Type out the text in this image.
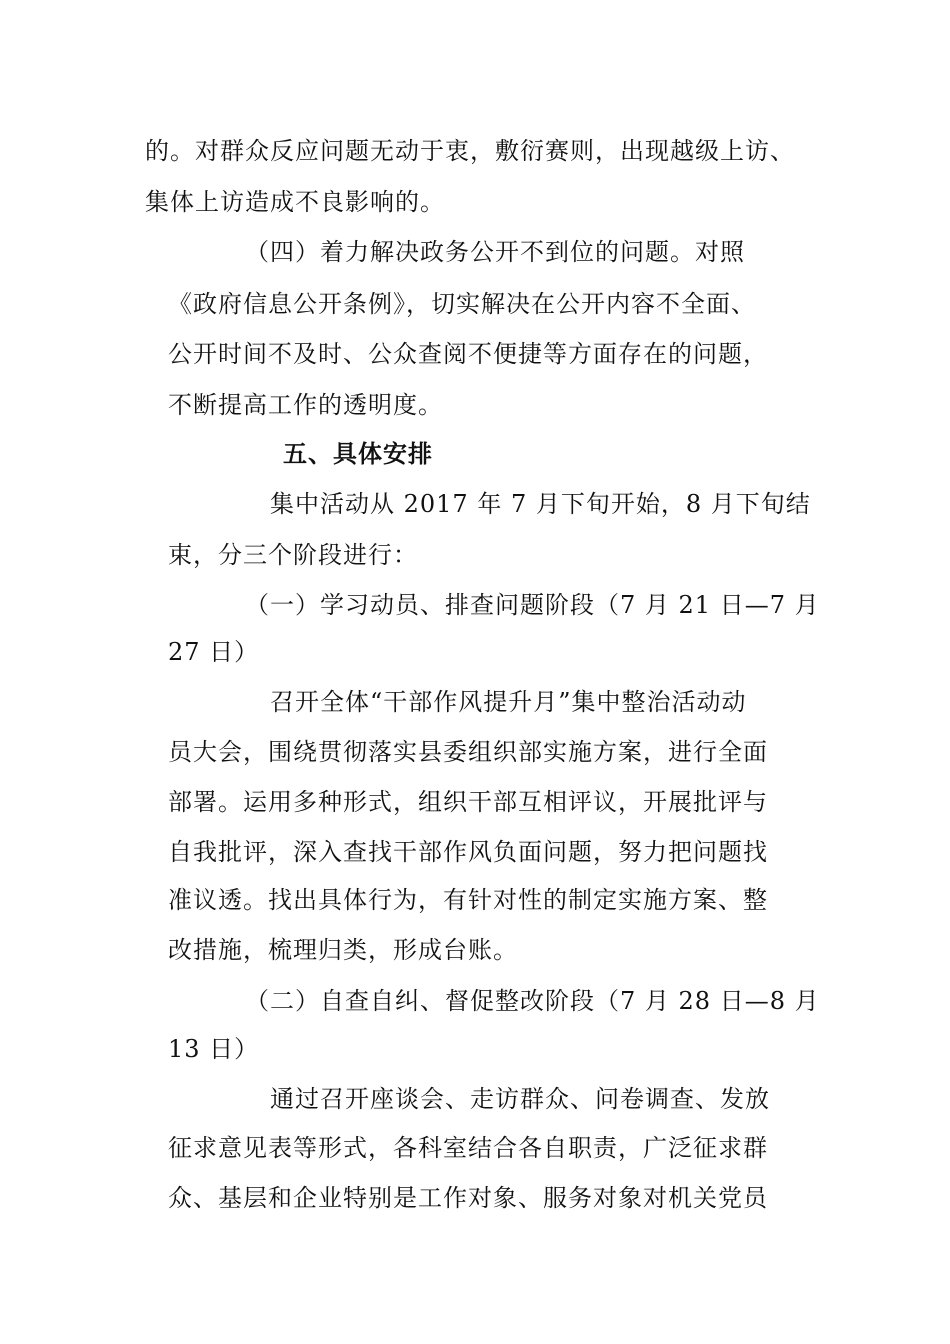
的。对群众反应问题无动于衷，敷衍赛则，出现越级上访、
集体上访造成不良影响的。
（四）着力解决政务公开不到位的问题。对照
《政府信息公开条例》，切实解决在公开内容不全面、
公开时间不及时、公众查阅不便捷等方面存在的问题，
不断提高工作的透明度。
五、具体安排
集中活动从 2017 年 7 月下旬开始，8 月下旬结
束，分三个阶段进行：
（一）学习动员、排查问题阶段（7 月 21 日—7 月
27 日）
召开全体“干部作风提升月”集中整治活动动
员大会，围绕贯彻落实县委组织部实施方案，进行全面
部署。运用多种形式，组织干部互相评议，开展批评与
自我批评，深入查找干部作风负面问题，努力把问题找
准议透。找出具体行为，有针对性的制定实施方案、整
改措施，梳理归类，形成台账。
（二）自查自纠、督促整改阶段（7 月 28 日—8 月
13 日）
通过召开座谈会、走访群众、问卷调查、发放
征求意见表等形式，各科室结合各自职责，广泛征求群
众、基层和企业特别是工作对象、服务对象对机关党员
